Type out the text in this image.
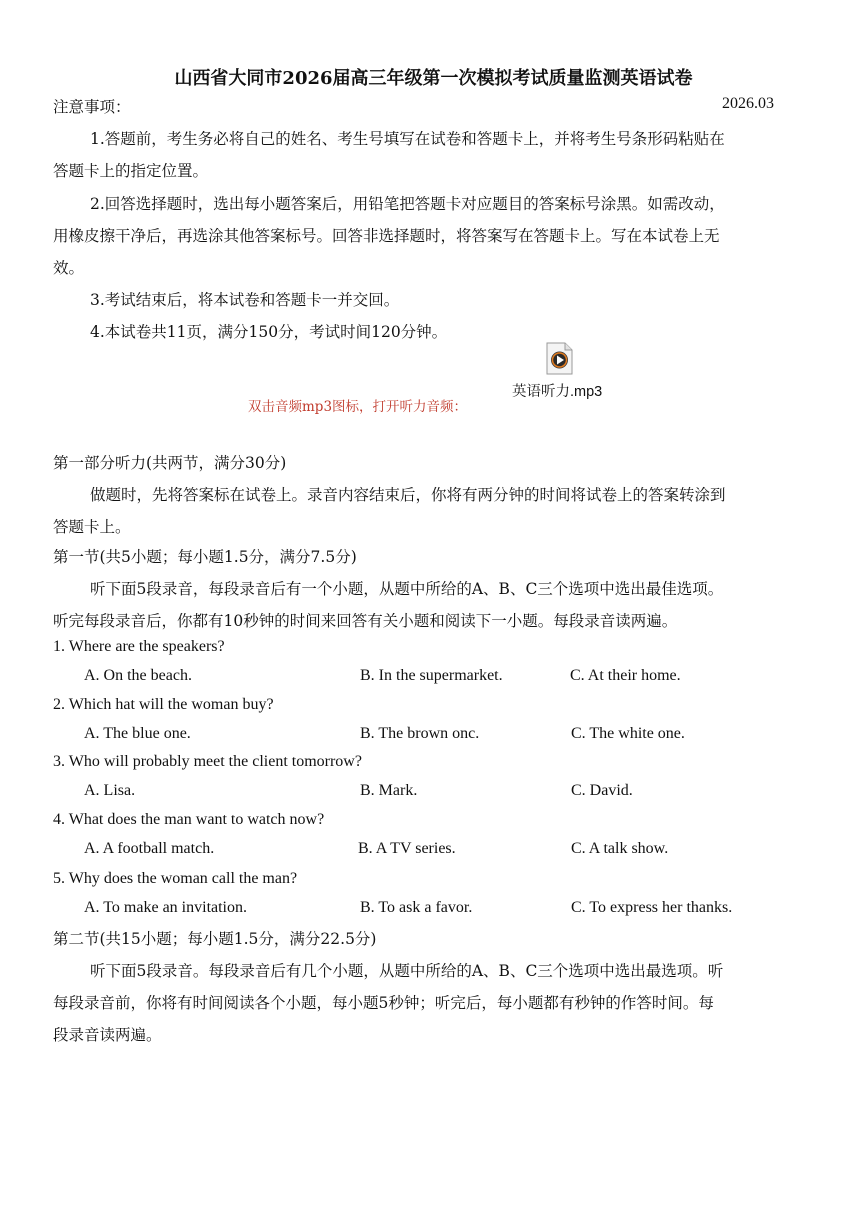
山西省大同市2026届高三年级第一次模拟考试质量监测英语试卷
注意事项：	2026.03
1.答题前，考生务必将自己的姓名、考生号填写在试卷和答题卡上，并将考生号条形码粘贴在
答题卡上的指定位置。
2.回答选择题时，选出每小题答案后，用铅笔把答题卡对应题目的答案标号涂黑。如需改动，
用橡皮擦干净后，再选涂其他答案标号。回答非选择题时，将答案写在答题卡上。写在本试卷上无
效。
3.考试结束后，将本试卷和答题卡一并交回。
4.本试卷共11页，满分150分，考试时间120分钟。
英语听力.mp3
双击音频mp3图标，打开听力音频：
第一部分听力(共两节，满分30分)
做题时，先将答案标在试卷上。录音内容结束后，你将有两分钟的时间将试卷上的答案转涂到
答题卡上。
第一节(共5小题；每小题1.5分，满分7.5分)
听下面5段录音，每段录音后有一个小题，从题中所给的A、B、C三个选项中选出最佳选项。
听完每段录音后，你都有10秒钟的时间来回答有关小题和阅读下一小题。每段录音读两遍。
1. Where are the speakers?
A. On the beach.	B. In the supermarket.	C. At their home.
2. Which hat will the woman buy?
A. The blue one.	B. The brown onc.	C. The white one.
3. Who will probably meet the client tomorrow?
A. Lisa.	B. Mark.	C. David.
4. What does the man want to watch now?
A. A football match.	B. A TV series.	C. A talk show.
5. Why does the woman call the man?
A. To make an invitation.	B. To ask a favor.	C. To express her thanks.
第二节(共15小题；每小题1.5分，满分22.5分)
听下面5段录音。每段录音后有几个小题，从题中所给的A、B、C三个选项中选出最选项。听
每段录音前，你将有时间阅读各个小题，每小题5秒钟；听完后，每小题都有秒钟的作答时间。每
段录音读两遍。
